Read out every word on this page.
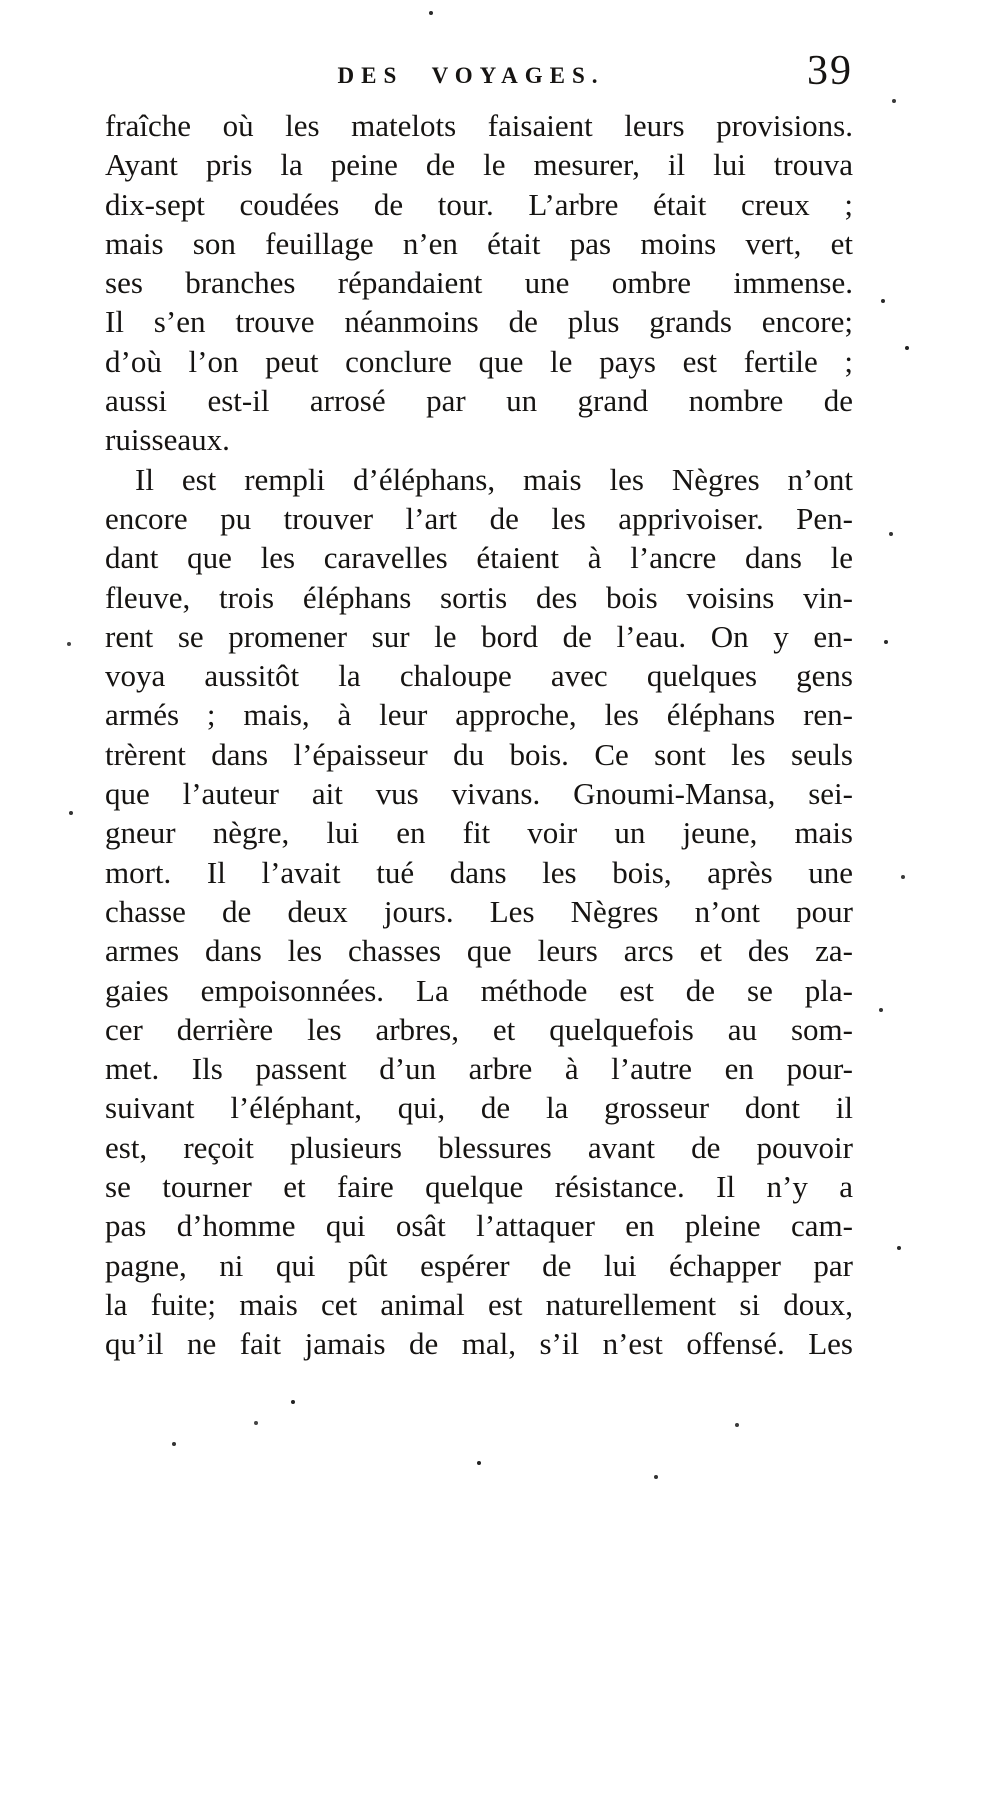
DES VOYAGES.	39
fraîche où les matelots faisaient leurs provisions.
Ayant pris la peine de le mesurer, il lui trouva
dix-sept coudées de tour. L’arbre était creux ;
mais son feuillage n’en était pas moins vert, et
ses branches répandaient une ombre immense.
Il s’en trouve néanmoins de plus grands encore;
d’où l’on peut conclure que le pays est fertile ;
aussi est-il arrosé par un grand nombre de
ruisseaux.
Il est rempli d’éléphans, mais les Nègres n’ont
encore pu trouver l’art de les apprivoiser. Pen-
dant que les caravelles étaient à l’ancre dans le
fleuve, trois éléphans sortis des bois voisins vin-
rent se promener sur le bord de l’eau. On y en-
voya aussitôt la chaloupe avec quelques gens
armés ; mais, à leur approche, les éléphans ren-
trèrent dans l’épaisseur du bois. Ce sont les seuls
que l’auteur ait vus vivans. Gnoumi-Mansa, sei-
gneur nègre, lui en fit voir un jeune, mais
mort. Il l’avait tué dans les bois, après une
chasse de deux jours. Les Nègres n’ont pour
armes dans les chasses que leurs arcs et des za-
gaies empoisonnées. La méthode est de se pla-
cer derrière les arbres, et quelquefois au som-
met. Ils passent d’un arbre à l’autre en pour-
suivant l’éléphant, qui, de la grosseur dont il
est, reçoit plusieurs blessures avant de pouvoir
se tourner et faire quelque résistance. Il n’y a
pas d’homme qui osât l’attaquer en pleine cam-
pagne, ni qui pût espérer de lui échapper par
la fuite; mais cet animal est naturellement si doux,
qu’il ne fait jamais de mal, s’il n’est offensé. Les
